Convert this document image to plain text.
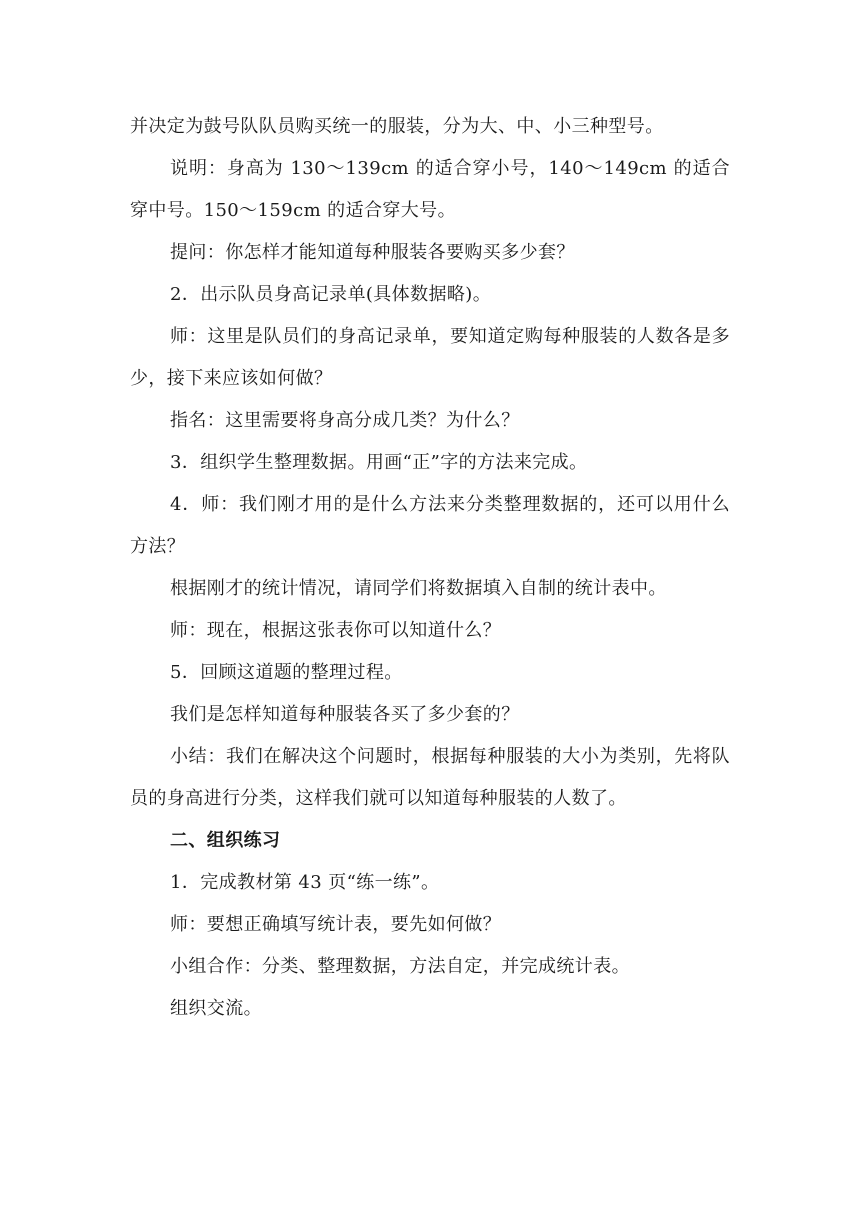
并决定为鼓号队队员购买统一的服装，分为大、中、小三种型号。

说明：身高为 130～139cm 的适合穿小号，140～149cm 的适合穿中号。150～159cm 的适合穿大号。

提问：你怎样才能知道每种服装各要购买多少套？

2．出示队员身高记录单(具体数据略)。

师：这里是队员们的身高记录单，要知道定购每种服装的人数各是多少，接下来应该如何做？

指名：这里需要将身高分成几类？为什么？

3．组织学生整理数据。用画“正”字的方法来完成。

4．师：我们刚才用的是什么方法来分类整理数据的，还可以用什么方法？

根据刚才的统计情况，请同学们将数据填入自制的统计表中。

师：现在，根据这张表你可以知道什么？

5．回顾这道题的整理过程。

我们是怎样知道每种服装各买了多少套的？

小结：我们在解决这个问题时，根据每种服装的大小为类别，先将队员的身高进行分类，这样我们就可以知道每种服装的人数了。

二、组织练习

1．完成教材第 43 页“练一练”。

师：要想正确填写统计表，要先如何做？

小组合作：分类、整理数据，方法自定，并完成统计表。

组织交流。
